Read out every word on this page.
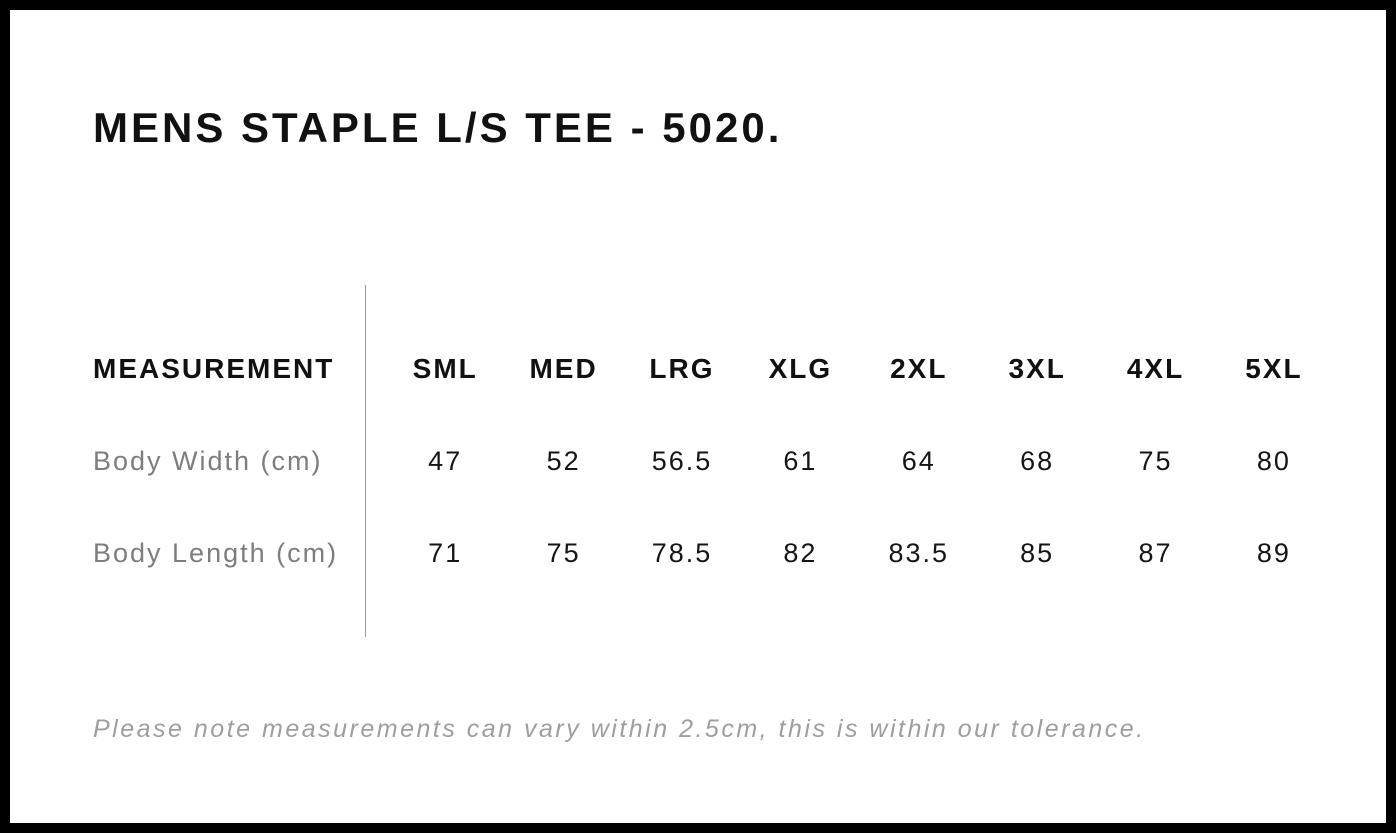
MENS STAPLE L/S TEE - 5020.
MEASUREMENT	SML	MED	LRG	XLG	2XL	3XL	4XL	5XL
Body Width (cm)	47	52	56.5	61	64	68	75	80
Body Length (cm)	71	75	78.5	82	83.5	85	87	89

Please note measurements can vary within 2.5cm, this is within our tolerance.
